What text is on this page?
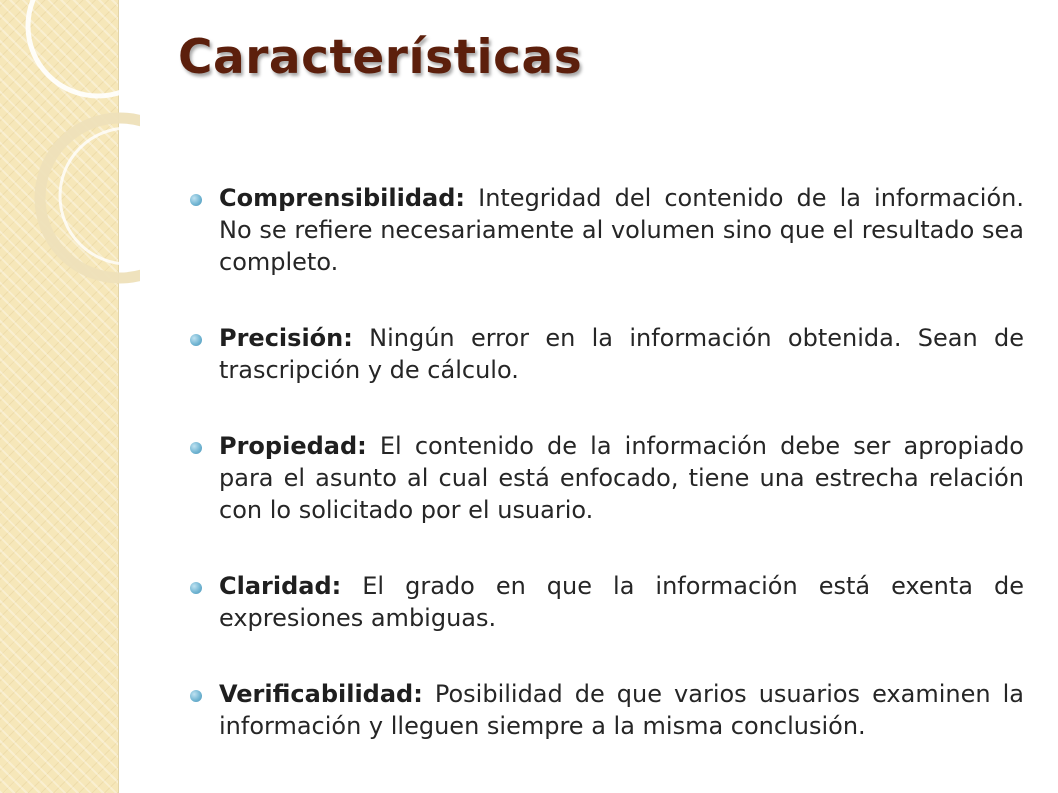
Características
Comprensibilidad: Integridad del contenido de la información. No se refiere necesariamente al volumen sino que el resultado sea completo.
Precisión: Ningún error en la información obtenida. Sean de trascripción y de cálculo.
Propiedad: El contenido de la información debe ser apropiado para el asunto al cual está enfocado, tiene una estrecha relación con lo solicitado por el usuario.
Claridad: El grado en que la información está exenta de expresiones ambiguas.
Verificabilidad: Posibilidad de que varios usuarios examinen la información y lleguen siempre a la misma conclusión.
